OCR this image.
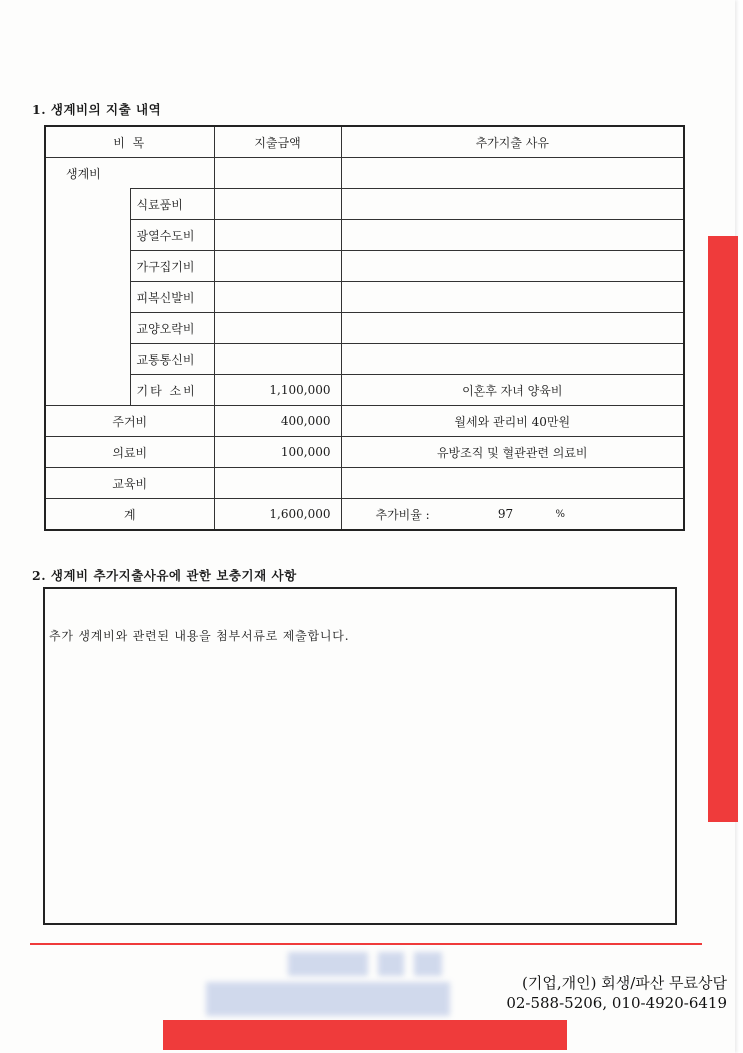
1. 생계비의 지출 내역
비 목		지출금액	추가지출 사유
생계비			
	식료품비		
	광열수도비		
	가구집기비		
	피복신발비		
	교양오락비		
	교통통신비		
	기타 소비	1,100,000	이혼후 자녀 양육비
주거비		400,000	월세와 관리비 40만원
의료비		100,000	유방조직 및 혈관관련 의료비
교육비			
계		1,600,000	추가비율 : 97 %
2. 생계비 추가지출사유에 관한 보충기재 사항
추가 생계비와 관련된 내용을 첨부서류로 제출합니다.
(기업,개인) 회생/파산 무료상담
02-588-5206, 010-4920-6419
